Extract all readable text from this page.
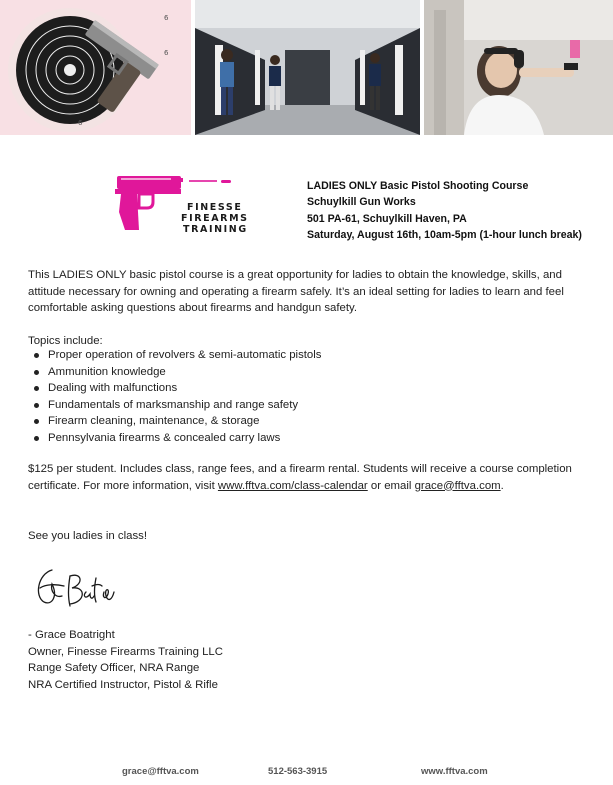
6
6
6
FINESSE
FIREARMS
TRAINING
LADIES ONLY Basic Pistol Shooting Course
Schuylkill Gun Works
501 PA-61, Schuylkill Haven, PA
Saturday, August 16th, 10am-5pm (1-hour lunch break)
This LADIES ONLY basic pistol course is a great opportunity for ladies to obtain the knowledge, skills, and attitude necessary for owning and operating a firearm safely. It’s an ideal setting for ladies to learn and feel comfortable asking questions about firearms and handgun safety.
Topics include:
Proper operation of revolvers & semi-automatic pistols
Ammunition knowledge
Dealing with malfunctions
Fundamentals of marksmanship and range safety
Firearm cleaning, maintenance, & storage
Pennsylvania firearms & concealed carry laws
$125 per student. Includes class, range fees, and a firearm rental. Students will receive a course completion certificate. For more information, visit www.fftva.com/class-calendar or email grace@fftva.com.
See you ladies in class!
- Grace Boatright
Owner, Finesse Firearms Training LLC
Range Safety Officer, NRA Range
NRA Certified Instructor, Pistol & Rifle
grace@fftva.com	512-563-3915	www.fftva.com
